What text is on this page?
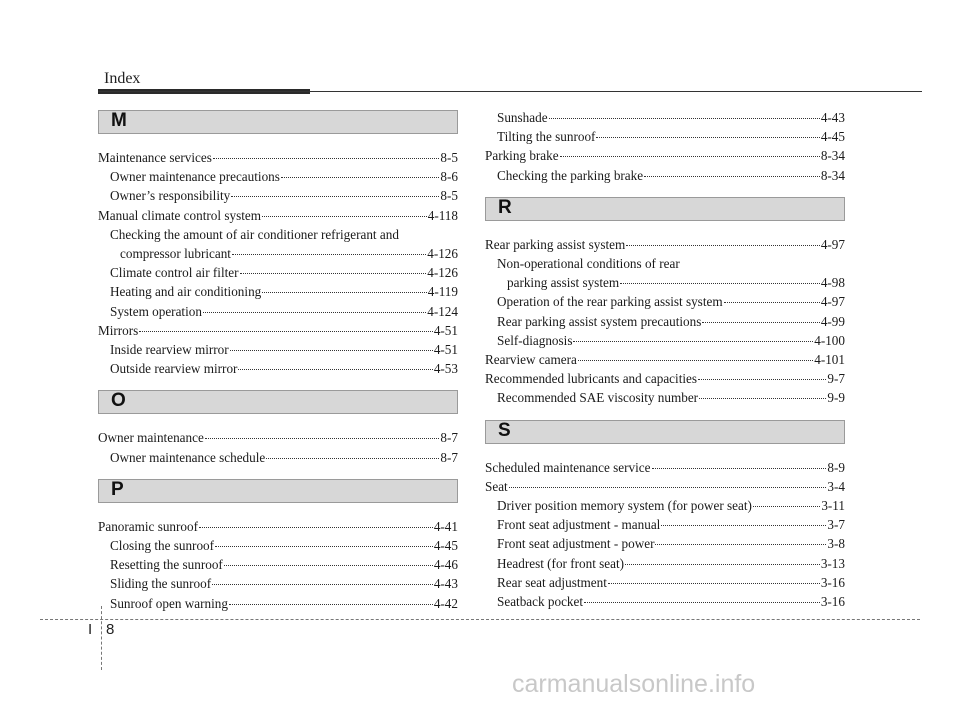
Index
M
Maintenance services	8-5
Owner maintenance precautions	8-6
Owner’s responsibility	8-5
Manual climate control system	4-118
Checking the amount of air conditioner refrigerant and
compressor lubricant	4-126
Climate control air filter	4-126
Heating and air conditioning	4-119
System operation	4-124
Mirrors	4-51
Inside rearview mirror	4-51
Outside rearview mirror	4-53
O
Owner maintenance	8-7
Owner maintenance schedule	8-7
P
Panoramic sunroof	4-41
Closing the sunroof	4-45
Resetting the sunroof	4-46
Sliding the sunroof	4-43
Sunroof open warning	4-42
Sunshade	4-43
Tilting the sunroof	4-45
Parking brake	8-34
Checking the parking brake	8-34
R
Rear parking assist system	4-97
Non-operational conditions of rear
parking assist system	4-98
Operation of the rear parking assist system	4-97
Rear parking assist system precautions	4-99
Self-diagnosis	4-100
Rearview camera	4-101
Recommended lubricants and capacities	9-7
Recommended SAE viscosity number	9-9
S
Scheduled maintenance service	8-9
Seat	3-4
Driver position memory system (for power seat)	3-11
Front seat adjustment - manual	3-7
Front seat adjustment - power	3-8
Headrest (for front seat)	3-13
Rear seat adjustment	3-16
Seatback pocket	3-16
I 8
carmanualsonline.info
